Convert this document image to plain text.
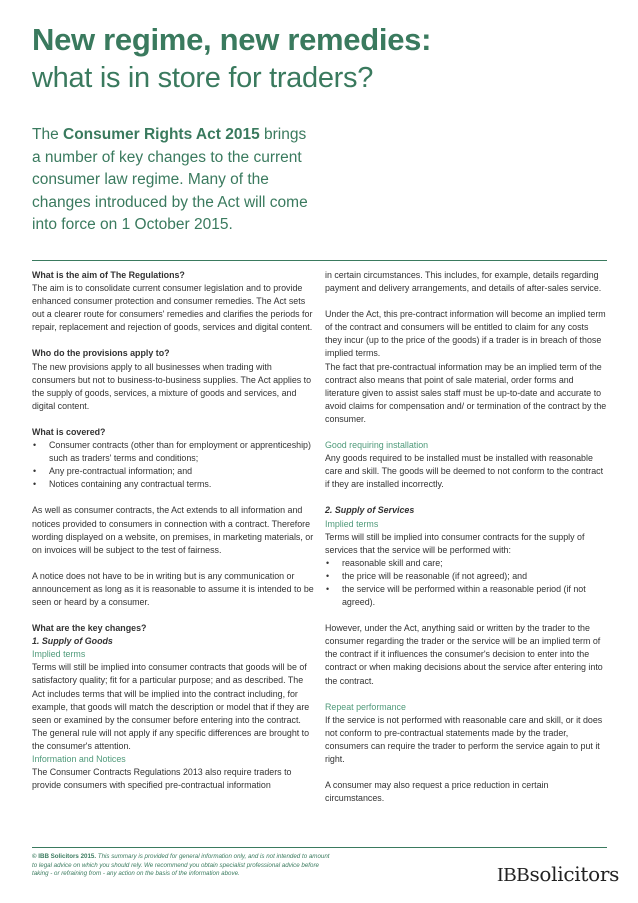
New regime, new remedies:
what is in store for traders?
The Consumer Rights Act 2015 brings a number of key changes to the current consumer law regime. Many of the changes introduced by the Act will come into force on 1 October 2015.

What is the aim of The Regulations?

The aim is to consolidate current consumer legislation and to provide enhanced consumer protection and consumer remedies. The Act sets out a clearer route for consumers' remedies and clarifies the periods for repair, replacement and rejection of goods, services and digital content.

Who do the provisions apply to?

The new provisions apply to all businesses when trading with consumers but not to business-to-business supplies. The Act applies to the supply of goods, services, a mixture of goods and services, and digital content.

What is covered?

• Consumer contracts (other than for employment or apprenticeship) such as traders' terms and conditions;

• Any pre-contractual information; and

• Notices containing any contractual terms.

As well as consumer contracts, the Act extends to all information and notices provided to consumers in connection with a contract. Therefore wording displayed on a website, on premises, in marketing materials, or on invoices will be subject to the test of fairness.

A notice does not have to be in writing but is any communication or announcement as long as it is reasonable to assume it is intended to be seen or heard by a consumer.

What are the key changes?

1. Supply of Goods

Implied terms

Terms will still be implied into consumer contracts that goods will be of satisfactory quality; fit for a particular purpose; and as described. The Act includes terms that will be implied into the contract including, for example, that goods will match the description or model that if they are seen or examined by the consumer before entering into the contract. The general rule will not apply if any specific differences are brought to the consumer's attention.

Information and Notices

The Consumer Contracts Regulations 2013 also require traders to provide consumers with specified pre-contractual information

in certain circumstances. This includes, for example, details regarding payment and delivery arrangements, and details of after-sales service.

Under the Act, this pre-contract information will become an implied term of the contract and consumers will be entitled to claim for any costs they incur (up to the price of the goods) if a trader is in breach of those implied terms.

The fact that pre-contractual information may be an implied term of the contract also means that point of sale material, order forms and literature given to assist sales staff must be up-to-date and accurate to avoid claims for compensation and/ or termination of the contract by the consumer.

Good requiring installation

Any goods required to be installed must be installed with reasonable care and skill. The goods will be deemed to not conform to the contract if they are installed incorrectly.

2. Supply of Services

Implied terms

Terms will still be implied into consumer contracts for the supply of services that the service will be performed with:

• reasonable skill and care;

• the price will be reasonable (if not agreed); and

• the service will be performed within a reasonable period (if not agreed).

However, under the Act, anything said or written by the trader to the consumer regarding the trader or the service will be an implied term of the contract if it influences the consumer's decision to enter into the contract or when making decisions about the service after entering into the contract.

Repeat performance

If the service is not performed with reasonable care and skill, or it does not conform to pre-contractual statements made by the trader, consumers can require the trader to perform the service again to put it right.

A consumer may also request a price reduction in certain circumstances.

© IBB Solicitors 2015. This summary is provided for general information only, and is not intended to amount to legal advice on which you should rely. We recommend you obtain specialist professional advice before taking - or refraining from - any action on the basis of the information above.	IBBsolicitors
